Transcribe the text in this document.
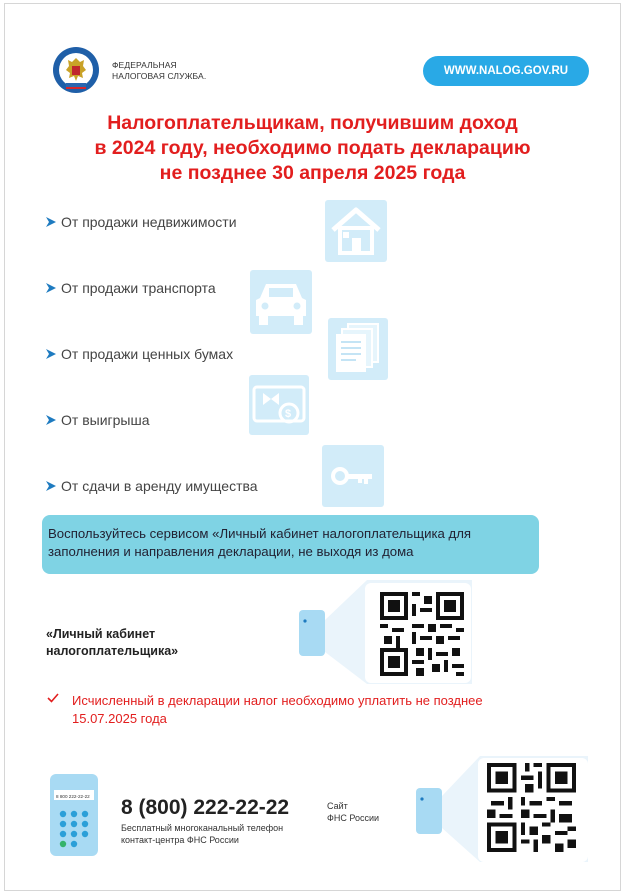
ФЕДЕРАЛЬНАЯ
НАЛОГОВАЯ СЛУЖБА.	WWW.NALOG.GOV.RU
Налогоплательщикам, получившим доход
в 2024 году, необходимо подать декларацию
не позднее 30 апреля 2025 года
От продажи недвижимости
От продажи транспорта
От продажи ценных бумах
От выигрыша
От сдачи в аренду имущества
$
Воспользуйтесь сервисом «Личный кабинет налогоплательщика для
заполнения и направления декларации, не выходя из дома
«Личный кабинет
налогоплательщика»
Исчисленный в декларации налог необходимо уплатить не позднее
15.07.2025 года
8 800 222-22-22 8 (800) 222-22-22
Бесплатный многоканальный телефон
контакт-центра ФНС России
Сайт
ФНС России
